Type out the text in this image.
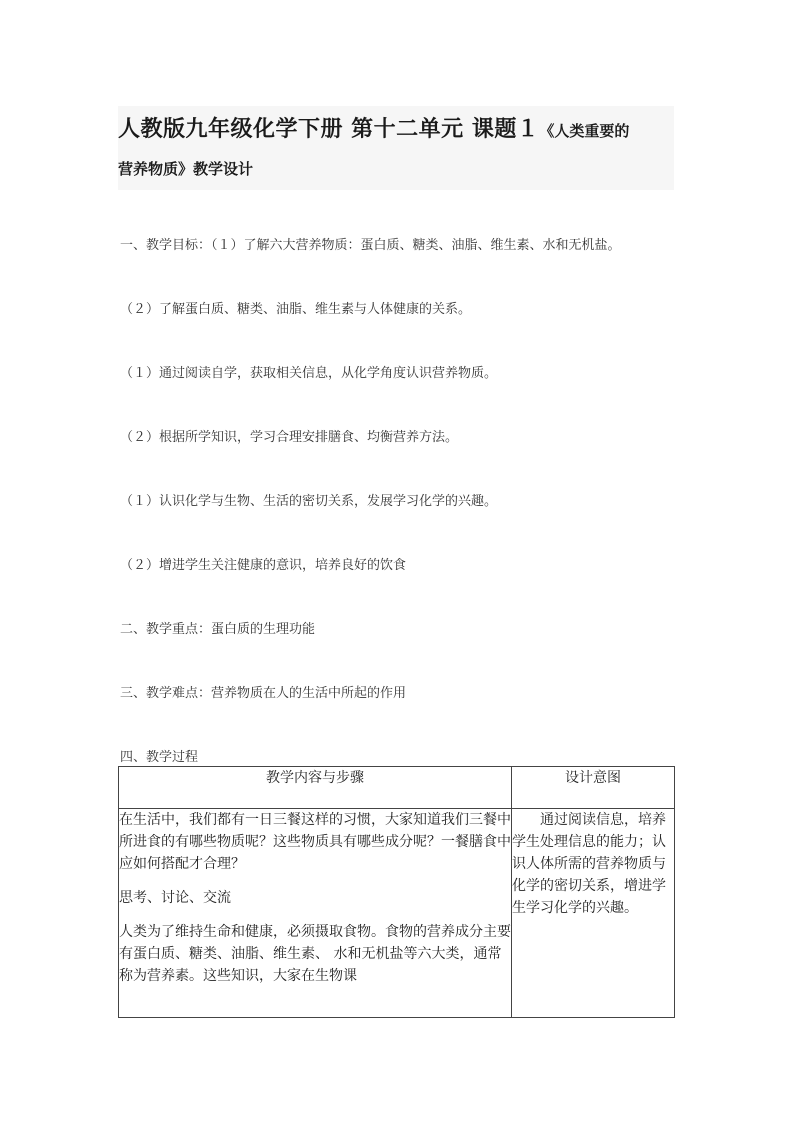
人教版九年级化学下册 第十二单元 课题１《人类重要的
营养物质》教学设计
一、教学目标：（１）了解六大营养物质：蛋白质、糖类、油脂、维生素、水和无机盐。
（２）了解蛋白质、糖类、油脂、维生素与人体健康的关系。
（１）通过阅读自学，获取相关信息，从化学角度认识营养物质。
（２）根据所学知识，学习合理安排膳食、均衡营养方法。
（１）认识化学与生物、生活的密切关系，发展学习化学的兴趣。
（２）增进学生关注健康的意识，培养良好的饮食
二、教学重点：蛋白质的生理功能
三、教学难点：营养物质在人的生活中所起的作用
四、教学过程
教学内容与步骤	设计意图

在生活中，我们都有一日三餐这样的习惯，大家知道我们三餐中所进食的有哪些物质呢？这些物质具有哪些成分呢？一餐膳食中应如何搭配才合理？

思考、讨论、交流

人类为了维持生命和健康，必须摄取食物。食物的营养成分主要有蛋白质、糖类、油脂、维生素、 水和无机盐等六大类，通常称为营养素。这些知识，大家在生物课	通过阅读信息，培养学生处理信息的能力；认识人体所需的营养物质与化学的密切关系，增进学生学习化学的兴趣。
